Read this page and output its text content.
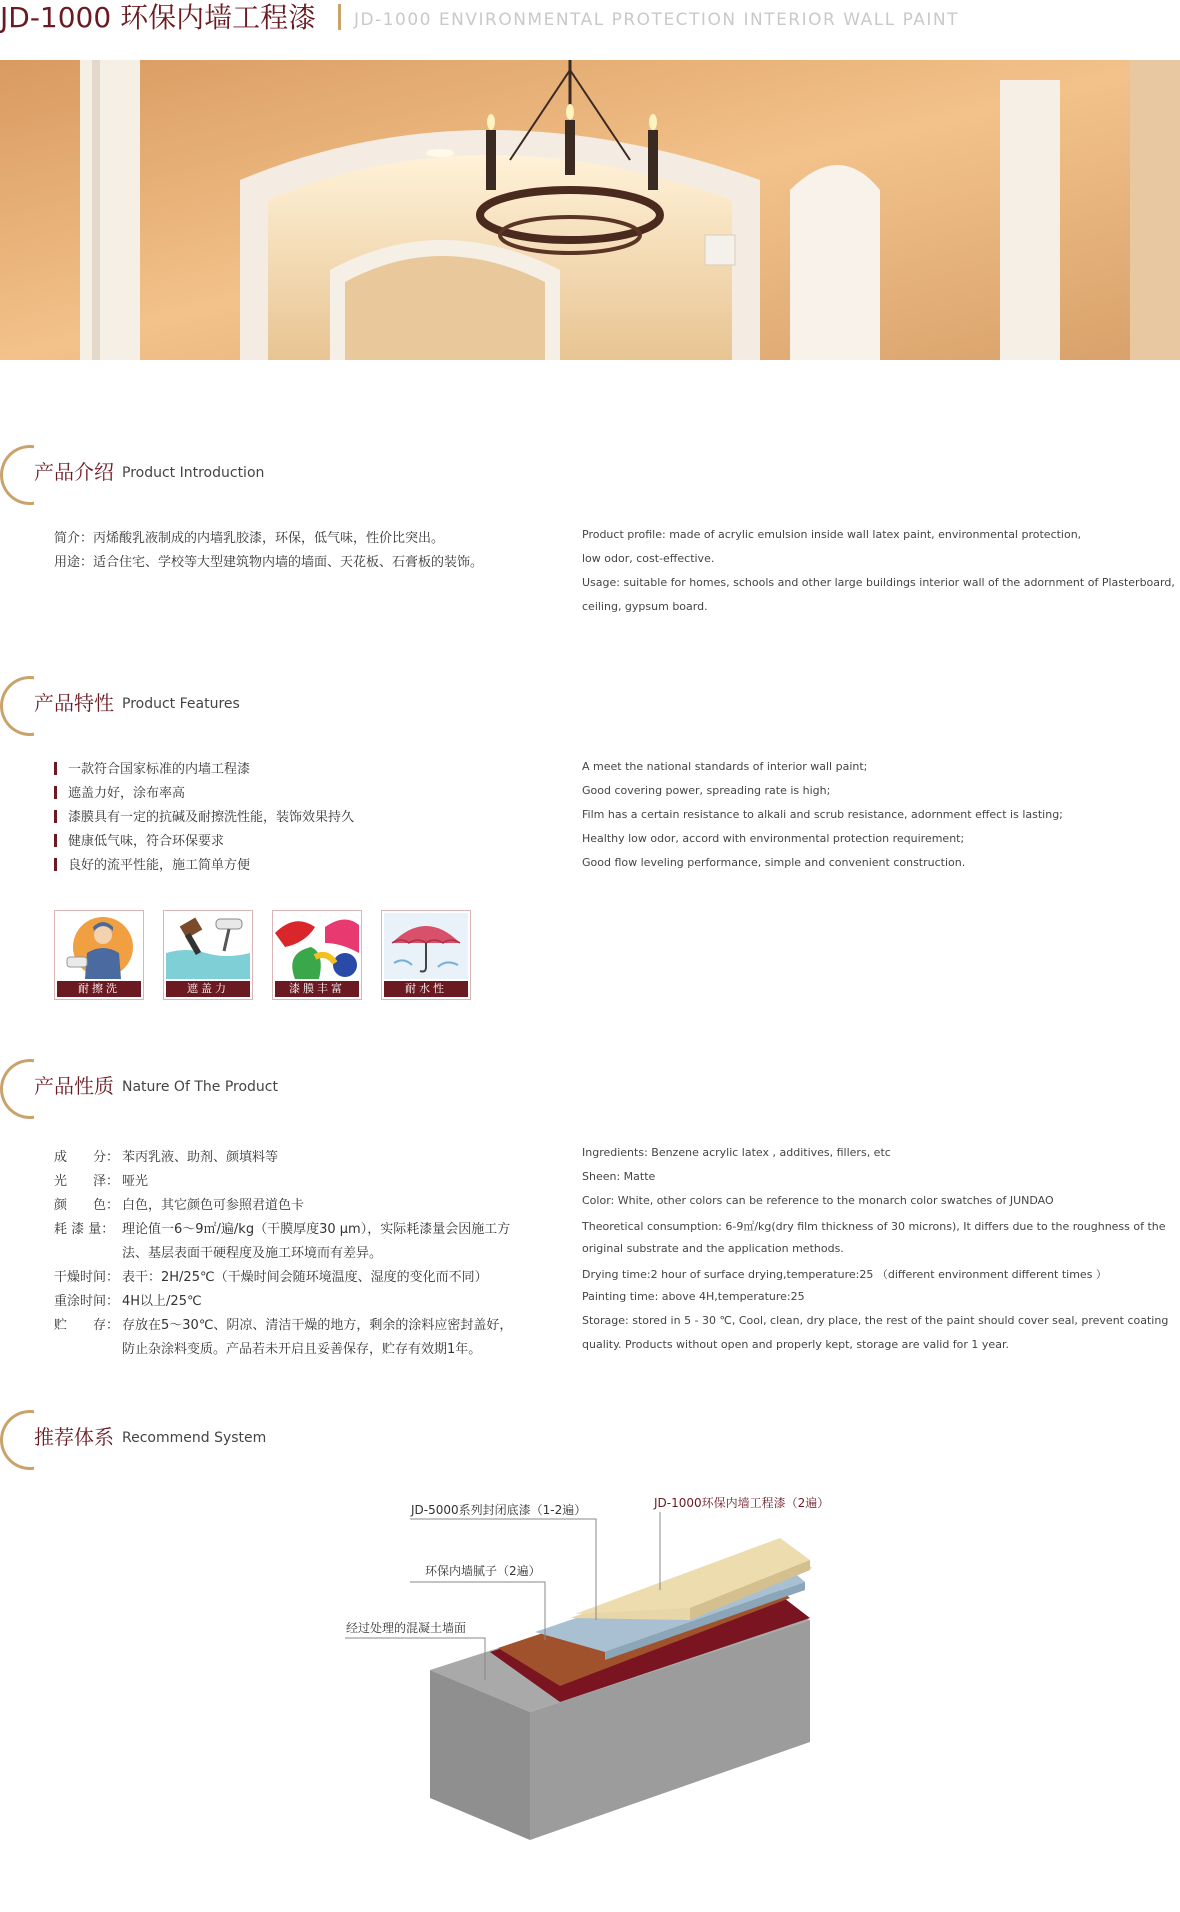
JD-1000 环保内墙工程漆 JD-1000 ENVIRONMENTAL PROTECTION INTERIOR WALL PAINT
产品介绍 Product Introduction
简介：丙烯酸乳液制成的内墙乳胶漆，环保，低气味，性价比突出。
用途：适合住宅、学校等大型建筑物内墙的墙面、天花板、石膏板的装饰。
Product profile: made of acrylic emulsion inside wall latex paint, environmental protection,
low odor, cost-effective.
Usage: suitable for homes, schools and other large buildings interior wall of the adornment of Plasterboard,
ceiling, gypsum board.
产品特性 Product Features
一款符合国家标准的内墙工程漆
遮盖力好，涂布率高
漆膜具有一定的抗碱及耐擦洗性能，装饰效果持久
健康低气味，符合环保要求
良好的流平性能，施工简单方便
A meet the national standards of interior wall paint;
Good covering power, spreading rate is high;
Film has a certain resistance to alkali and scrub resistance, adornment effect is lasting;
Healthy low odor, accord with environmental protection requirement;
Good flow leveling performance, simple and convenient construction.
耐擦洗	遮盖力	漆膜丰富	耐水性
产品性质 Nature Of The Product
成　　分： 苯丙乳液、助剂、颜填料等
光　　泽： 哑光
颜　　色： 白色，其它颜色可参照君道色卡
耗 漆 量： 理论值一6～9㎡/遍/kg（干膜厚度30 μm），实际耗漆量会因施工方
法、基层表面干硬程度及施工环境而有差异。
干燥时间： 表干：2H/25℃（干燥时间会随环境温度、湿度的变化而不同）
重涂时间： 4H以上/25℃
贮　　存： 存放在5～30℃、阴凉、清洁干燥的地方，剩余的涂料应密封盖好，
防止杂涂料变质。产品若未开启且妥善保存，贮存有效期1年。
Ingredients: Benzene acrylic latex , additives, fillers, etc
Sheen: Matte
Color: White, other colors can be reference to the monarch color swatches of JUNDAO
Theoretical consumption: 6-9㎡/kg(dry film thickness of 30 microns), It differs due to the roughness of the
original substrate and the application methods.
Drying time:2 hour of surface drying,temperature:25 （different environment different times ）
Painting time: above 4H,temperature:25
Storage: stored in 5 - 30 ℃, Cool, clean, dry place, the rest of the paint should cover seal, prevent coating
quality. Products without open and properly kept, storage are valid for 1 year.
推荐体系 Recommend System
JD-5000系列封闭底漆（1-2遍）	JD-1000环保内墙工程漆（2遍）
环保内墙腻子（2遍）
经过处理的混凝土墙面
